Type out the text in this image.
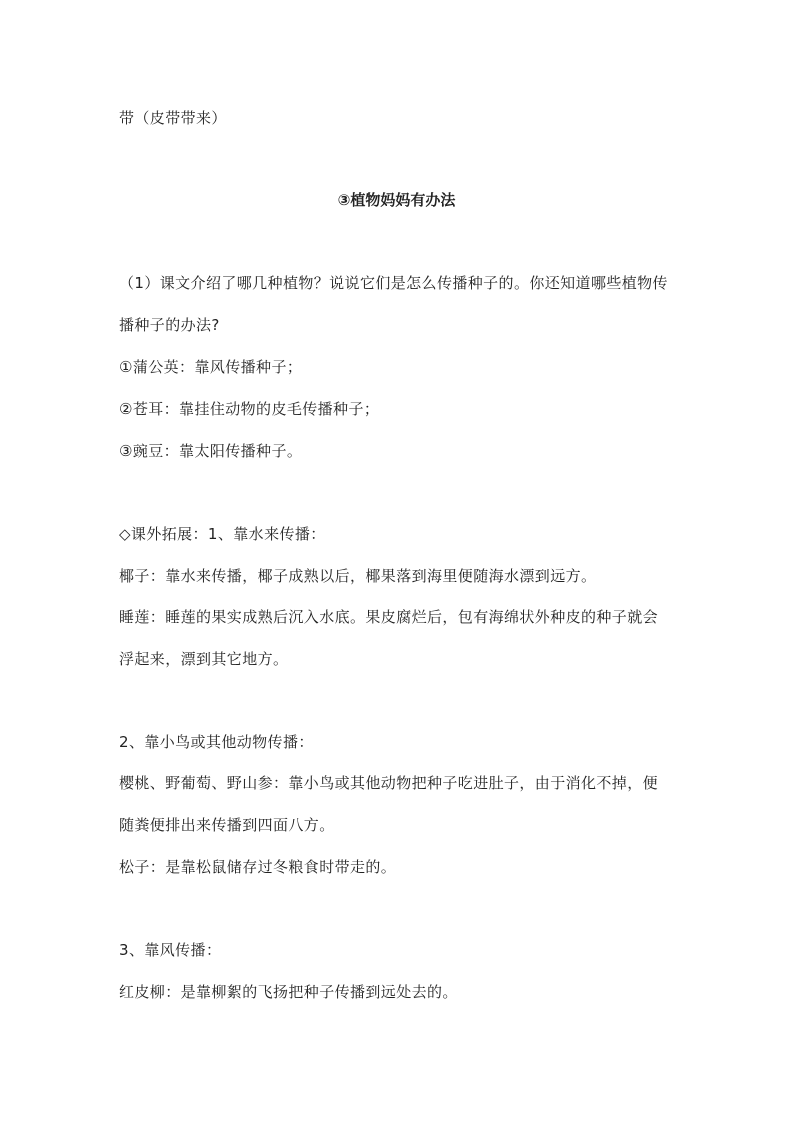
带（皮带带来）
③植物妈妈有办法
（1）课文介绍了哪几种植物？说说它们是怎么传播种子的。你还知道哪些植物传
播种子的办法?
①蒲公英：靠风传播种子；
②苍耳：靠挂住动物的皮毛传播种子；
③豌豆：靠太阳传播种子。
◇课外拓展：1、靠水来传播：
椰子：靠水来传播，椰子成熟以后，椰果落到海里便随海水漂到远方。
睡莲：睡莲的果实成熟后沉入水底。果皮腐烂后，包有海绵状外种皮的种子就会
浮起来，漂到其它地方。
2、靠小鸟或其他动物传播：
樱桃、野葡萄、野山参：靠小鸟或其他动物把种子吃进肚子，由于消化不掉，便
随粪便排出来传播到四面八方。
松子：是靠松鼠储存过冬粮食时带走的。
3、靠风传播：
红皮柳：是靠柳絮的飞扬把种子传播到远处去的。
